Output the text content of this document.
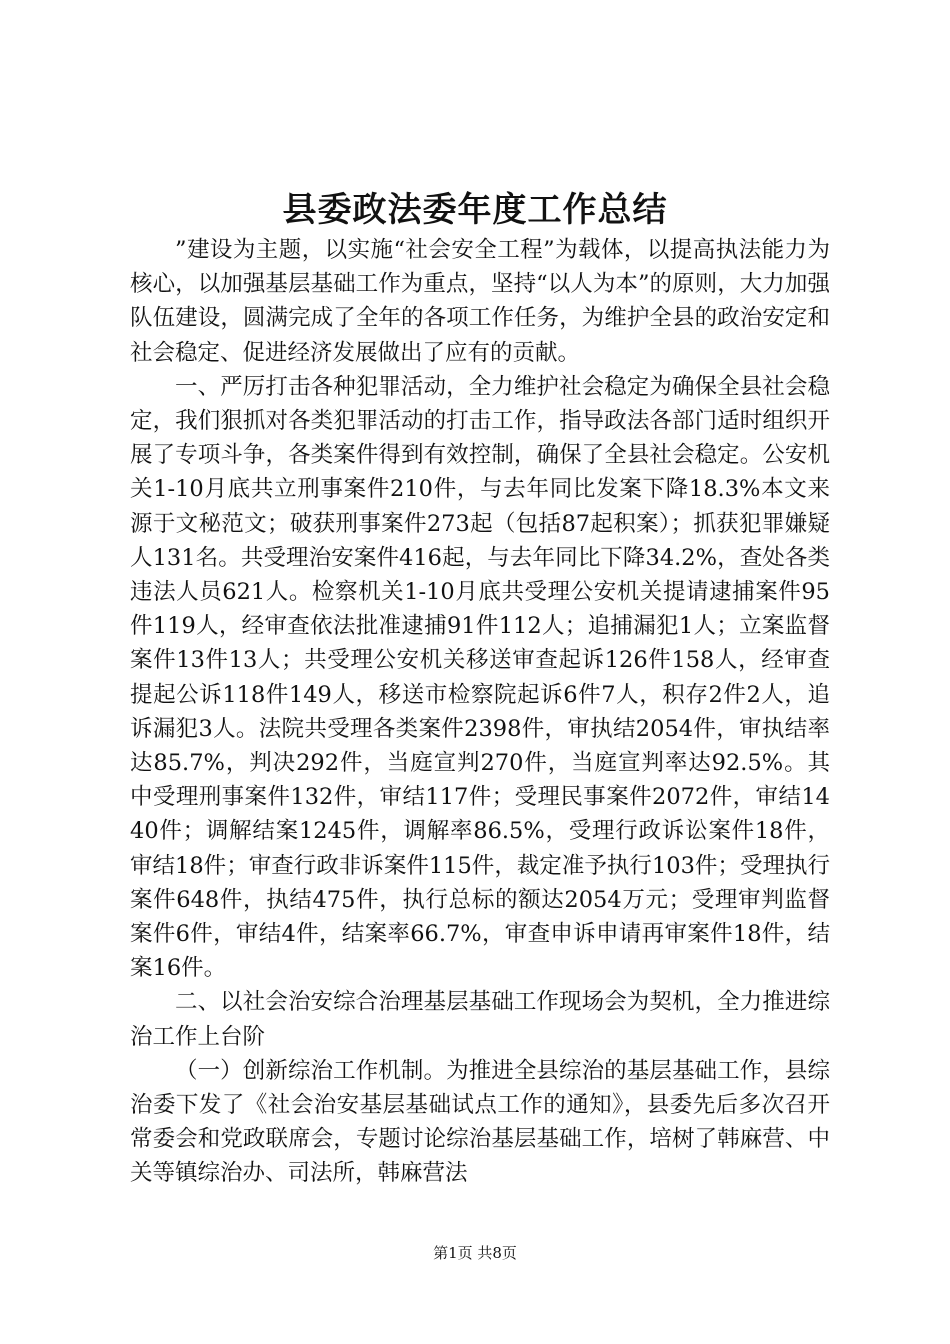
县委政法委年度工作总结

”建设为主题，以实施“社会安全工程”为载体，以提高执法能力为核心，以加强基层基础工作为重点，坚持“以人为本”的原则，大力加强队伍建设，圆满完成了全年的各项工作任务，为维护全县的政治安定和社会稳定、促进经济发展做出了应有的贡献。

一、严厉打击各种犯罪活动，全力维护社会稳定为确保全县社会稳定，我们狠抓对各类犯罪活动的打击工作，指导政法各部门适时组织开展了专项斗争，各类案件得到有效控制，确保了全县社会稳定。公安机关1-10月底共立刑事案件210件，与去年同比发案下降18.3%本文来源于文秘范文；破获刑事案件273起（包括87起积案）；抓获犯罪嫌疑人131名。共受理治安案件416起，与去年同比下降34.2%，查处各类违法人员621人。检察机关1-10月底共受理公安机关提请逮捕案件95件119人，经审查依法批准逮捕91件112人；追捕漏犯1人；立案监督案件13件13人；共受理公安机关移送审查起诉126件158人，经审查提起公诉118件149人，移送市检察院起诉6件7人，积存2件2人，追诉漏犯3人。法院共受理各类案件2398件，审执结2054件，审执结率达85.7%，判决292件，当庭宣判270件，当庭宣判率达92.5%。其中受理刑事案件132件，审结117件；受理民事案件2072件，审结1440件；调解结案1245件，调解率86.5%，受理行政诉讼案件18件，审结18件；审查行政非诉案件115件，裁定准予执行103件；受理执行案件648件，执结475件，执行总标的额达2054万元；受理审判监督案件6件，审结4件，结案率66.7%，审查申诉申请再审案件18件，结案16件。

二、以社会治安综合治理基层基础工作现场会为契机，全力推进综治工作上台阶

（一）创新综治工作机制。为推进全县综治的基层基础工作，县综治委下发了《社会治安基层基础试点工作的通知》，县委先后多次召开常委会和党政联席会，专题讨论综治基层基础工作，培树了韩麻营、中关等镇综治办、司法所，韩麻营法

第1页 共8页
